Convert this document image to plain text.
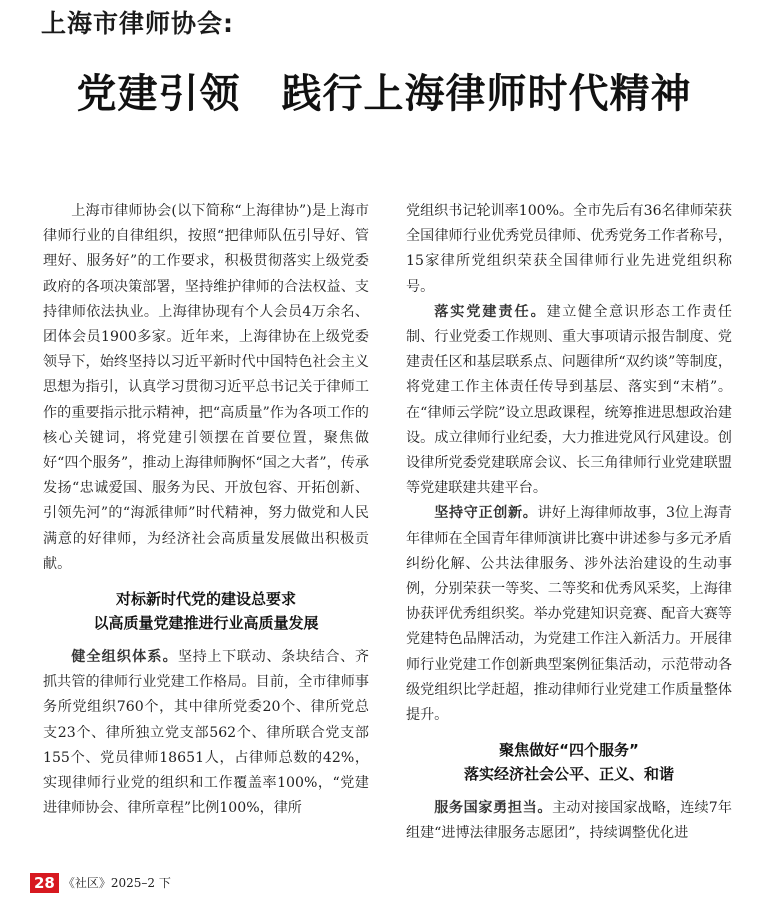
上海市律师协会:
党建引领　践行上海律师时代精神

上海市律师协会(以下简称“上海律协”)是上海市律师行业的自律组织，按照“把律师队伍引导好、管理好、服务好”的工作要求，积极贯彻落实上级党委政府的各项决策部署，坚持维护律师的合法权益、支持律师依法执业。上海律协现有个人会员4万余名、团体会员1900多家。近年来，上海律协在上级党委领导下，始终坚持以习近平新时代中国特色社会主义思想为指引，认真学习贯彻习近平总书记关于律师工作的重要指示批示精神，把“高质量”作为各项工作的核心关键词，将党建引领摆在首要位置，聚焦做好“四个服务”，推动上海律师胸怀“国之大者”，传承发扬“忠诚爱国、服务为民、开放包容、开拓创新、引领先河”的“海派律师”时代精神，努力做党和人民满意的好律师，为经济社会高质量发展做出积极贡献。

对标新时代党的建设总要求
以高质量党建推进行业高质量发展

健全组织体系。坚持上下联动、条块结合、齐抓共管的律师行业党建工作格局。目前，全市律师事务所党组织760个，其中律所党委20个、律所党总支23个、律所独立党支部562个、律所联合党支部155个、党员律师18651人，占律师总数的42%，实现律师行业党的组织和工作覆盖率100%，“党建进律师协会、律所章程”比例100%，律所

党组织书记轮训率100%。全市先后有36名律师荣获全国律师行业优秀党员律师、优秀党务工作者称号，15家律所党组织荣获全国律师行业先进党组织称号。

落实党建责任。建立健全意识形态工作责任制、行业党委工作规则、重大事项请示报告制度、党建责任区和基层联系点、问题律所“双约谈”等制度，将党建工作主体责任传导到基层、落实到“末梢”。在“律师云学院”设立思政课程，统筹推进思想政治建设。成立律师行业纪委，大力推进党风行风建设。创设律所党委党建联席会议、长三角律师行业党建联盟等党建联建共建平台。

坚持守正创新。讲好上海律师故事，3位上海青年律师在全国青年律师演讲比赛中讲述参与多元矛盾纠纷化解、公共法律服务、涉外法治建设的生动事例，分别荣获一等奖、二等奖和优秀风采奖，上海律协获评优秀组织奖。举办党建知识竞赛、配音大赛等党建特色品牌活动，为党建工作注入新活力。开展律师行业党建工作创新典型案例征集活动，示范带动各级党组织比学赶超，推动律师行业党建工作质量整体提升。

聚焦做好“四个服务”
落实经济社会公平、正义、和谐

服务国家勇担当。主动对接国家战略，连续7年组建“进博法律服务志愿团”，持续调整优化进

28 《社区》2025–2 下
